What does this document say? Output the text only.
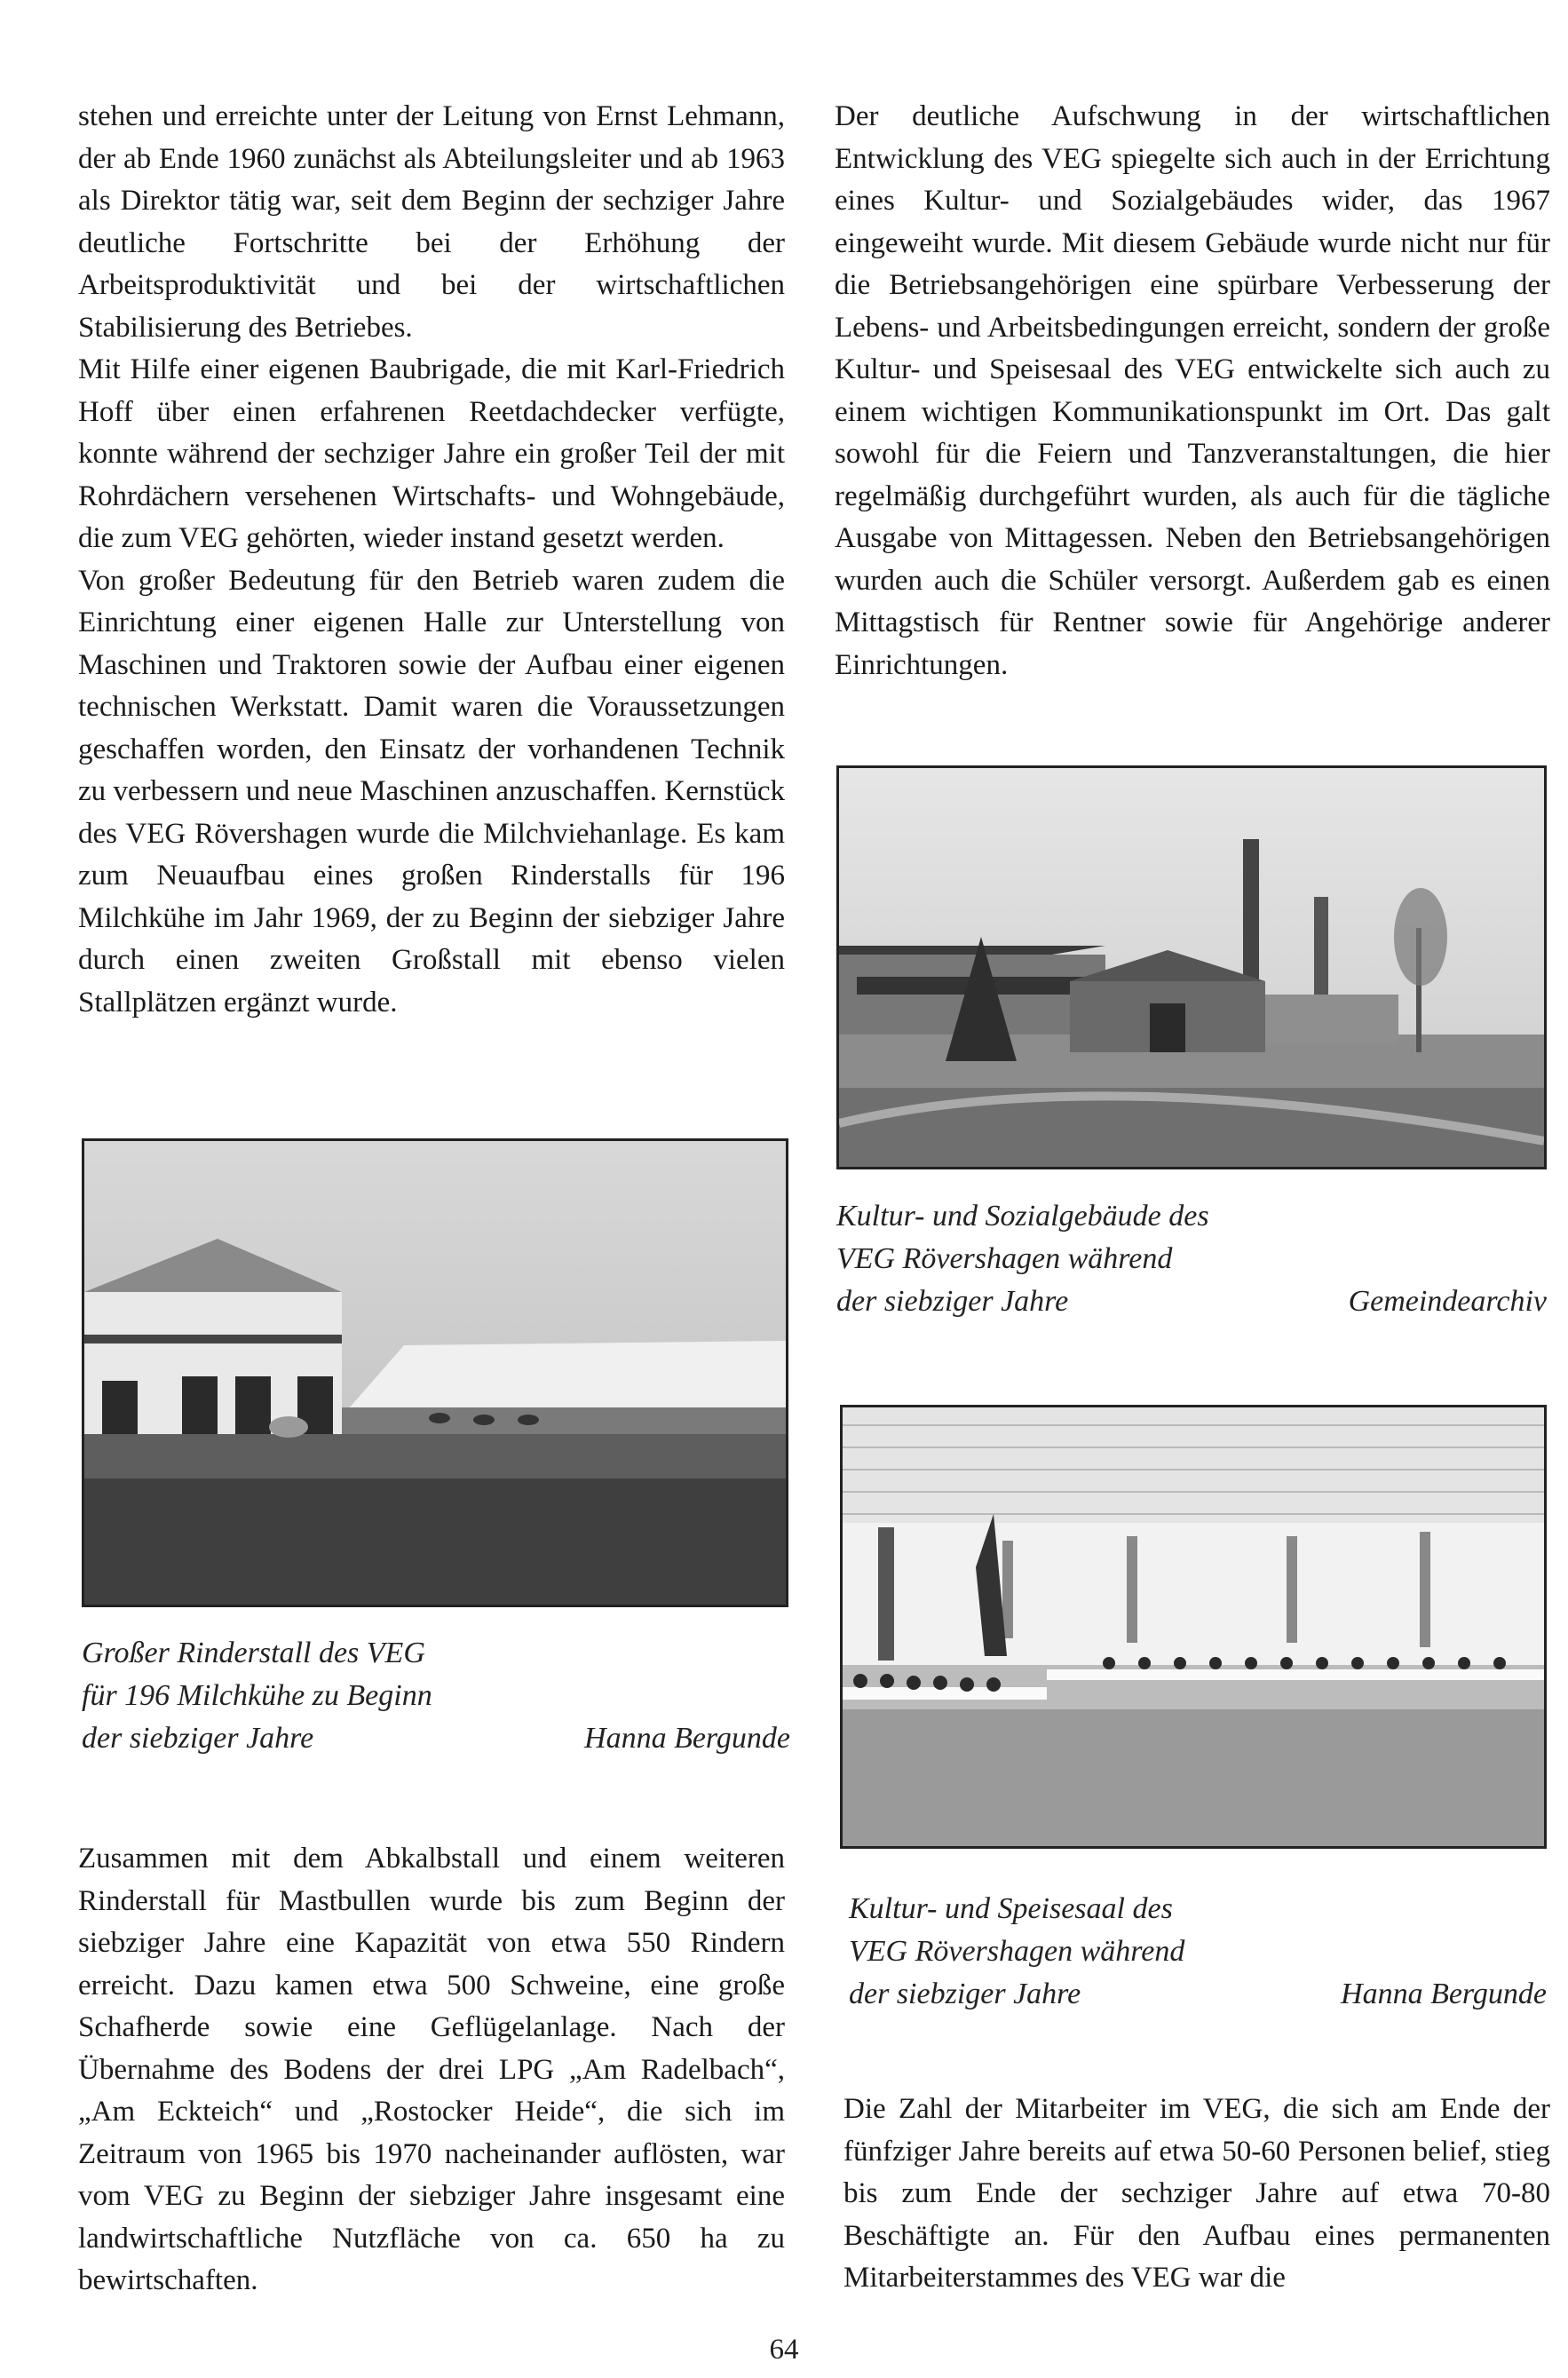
stehen und erreichte unter der Leitung von Ernst Lehmann, der ab Ende 1960 zunächst als Abteilungsleiter und ab 1963 als Direktor tätig war, seit dem Beginn der sechziger Jahre deutliche Fortschritte bei der Erhöhung der Arbeitsproduktivität und bei der wirtschaftlichen Stabilisierung des Betriebes.

Mit Hilfe einer eigenen Baubrigade, die mit Karl-Friedrich Hoff über einen erfahrenen Reetdachdecker verfügte, konnte während der sechziger Jahre ein großer Teil der mit Rohrdächern versehenen Wirtschafts- und Wohngebäude, die zum VEG gehörten, wieder instand gesetzt werden.

Von großer Bedeutung für den Betrieb waren zudem die Einrichtung einer eigenen Halle zur Unterstellung von Maschinen und Traktoren sowie der Aufbau einer eigenen technischen Werkstatt. Damit waren die Voraussetzungen geschaffen worden, den Einsatz der vorhandenen Technik zu verbessern und neue Maschinen anzuschaffen. Kernstück des VEG Rövershagen wurde die Milchviehanlage. Es kam zum Neuaufbau eines großen Rinderstalls für 196 Milchkühe im Jahr 1969, der zu Beginn der siebziger Jahre durch einen zweiten Großstall mit ebenso vielen Stallplätzen ergänzt wurde.

Großer Rinderstall des VEG
für 196 Milchkühe zu Beginn
der siebziger Jahre	Hanna Bergunde

Zusammen mit dem Abkalbstall und einem weiteren Rinderstall für Mastbullen wurde bis zum Beginn der siebziger Jahre eine Kapazität von etwa 550 Rindern erreicht. Dazu kamen etwa 500 Schweine, eine große Schafherde sowie eine Geflügelanlage. Nach der Übernahme des Bodens der drei LPG „Am Radelbach“, „Am Eckteich“ und „Rostocker Heide“, die sich im Zeitraum von 1965 bis 1970 nacheinander auflösten, war vom VEG zu Beginn der siebziger Jahre insgesamt eine landwirtschaftliche Nutzfläche von ca. 650 ha zu bewirtschaften.

Der deutliche Aufschwung in der wirtschaftlichen Entwicklung des VEG spiegelte sich auch in der Errichtung eines Kultur- und Sozialgebäudes wider, das 1967 eingeweiht wurde. Mit diesem Gebäude wurde nicht nur für die Betriebsangehörigen eine spürbare Verbesserung der Lebens- und Arbeitsbedingungen erreicht, sondern der große Kultur- und Speisesaal des VEG entwickelte sich auch zu einem wichtigen Kommunikationspunkt im Ort. Das galt sowohl für die Feiern und Tanzveranstaltungen, die hier regelmäßig durchgeführt wurden, als auch für die tägliche Ausgabe von Mittagessen. Neben den Betriebsangehörigen wurden auch die Schüler versorgt. Außerdem gab es einen Mittagstisch für Rentner sowie für Angehörige anderer Einrichtungen.

Kultur- und Sozialgebäude des
VEG Rövershagen während
der siebziger Jahre	Gemeindearchiv
Kultur- und Speisesaal des
VEG Rövershagen während
der siebziger Jahre	Hanna Bergunde

Die Zahl der Mitarbeiter im VEG, die sich am Ende der fünfziger Jahre bereits auf etwa 50-60 Personen belief, stieg bis zum Ende der sechziger Jahre auf etwa 70-80 Beschäftigte an. Für den Aufbau eines permanenten Mitarbeiterstammes des VEG war die

64
